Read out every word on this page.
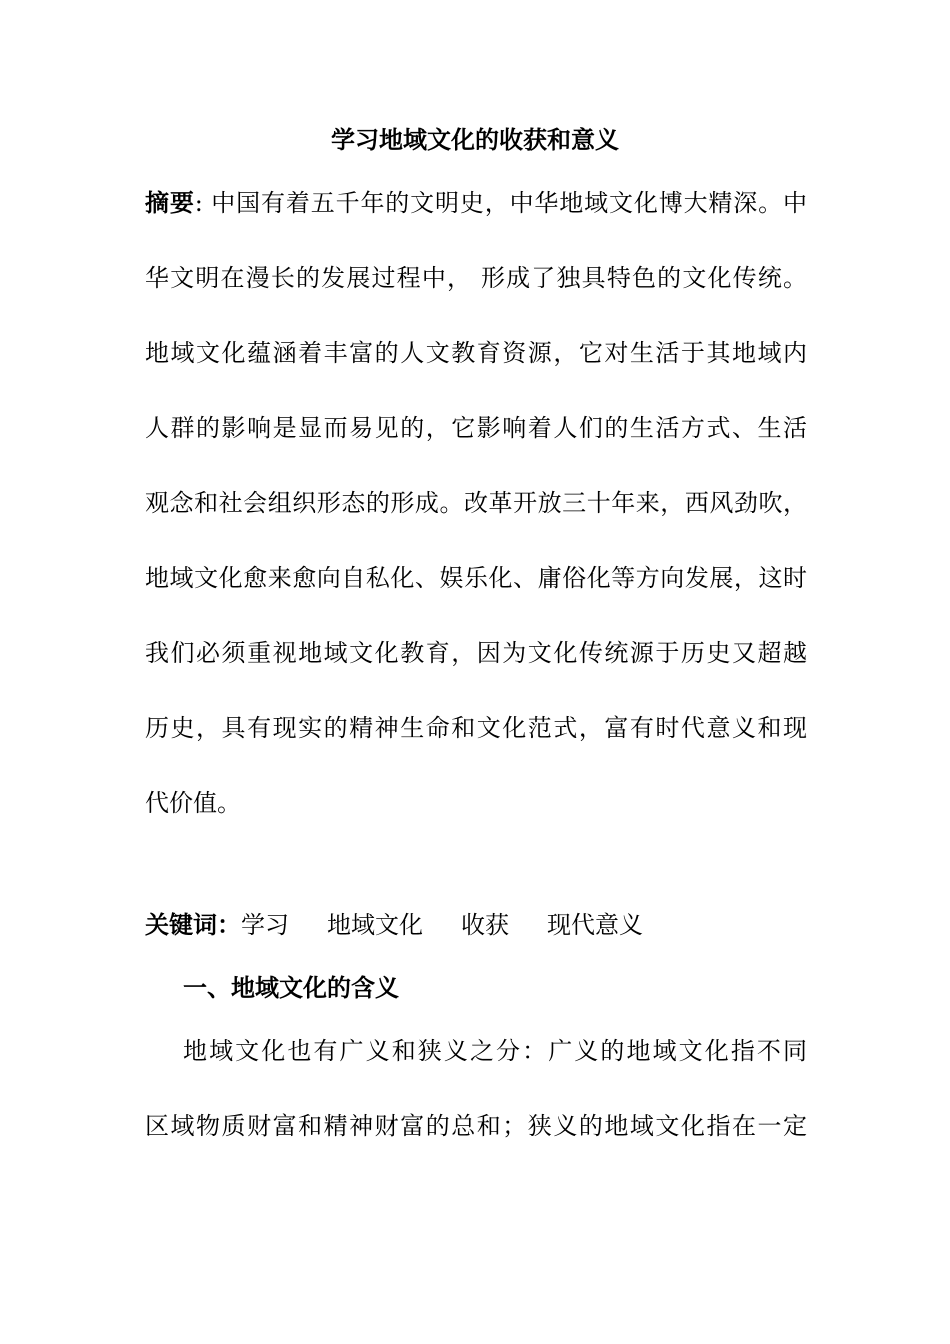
学习地域文化的收获和意义
摘要: 中国有着五千年的文明史，中华地域文化博大精深。中
华文明在漫长的发展过程中， 形成了独具特色的文化传统。
地域文化蕴涵着丰富的人文教育资源，它对生活于其地域内
人群的影响是显而易见的，它影响着人们的生活方式、生活
观念和社会组织形态的形成。改革开放三十年来，西风劲吹，
地域文化愈来愈向自私化、娱乐化、庸俗化等方向发展，这时
我们必须重视地域文化教育，因为文化传统源于历史又超越
历史，具有现实的精神生命和文化范式，富有时代意义和现
代价值。
关键词：学习 地域文化 收获 现代意义
一、地域文化的含义
地域文化也有广义和狭义之分：广义的地域文化指不同
区域物质财富和精神财富的总和；狭义的地域文化指在一定
